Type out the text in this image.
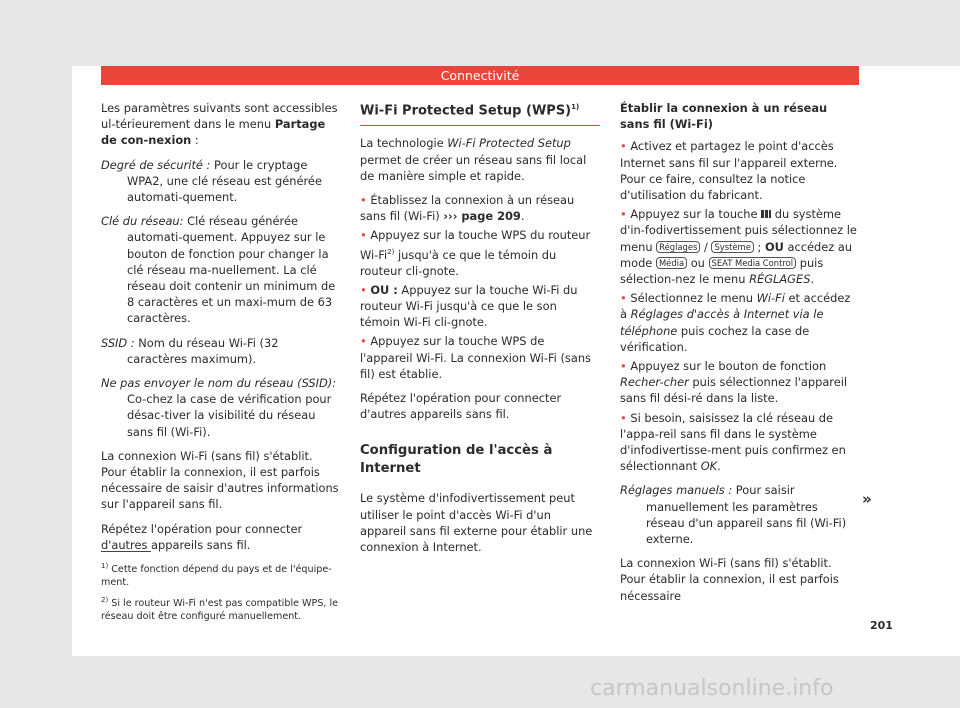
Connectivité

Les paramètres suivants sont accessibles ul-térieurement dans le menu Partage de con-nexion :

Degré de sécurité : Pour le cryptage WPA2, une clé réseau est générée automati-quement.

Clé du réseau: Clé réseau générée automati-quement. Appuyez sur le bouton de fonction pour changer la clé réseau ma-nuellement. La clé réseau doit contenir un minimum de 8 caractères et un maxi-mum de 63 caractères.

SSID : Nom du réseau Wi-Fi (32 caractères maximum).

Ne pas envoyer le nom du réseau (SSID): Co-chez la case de vérification pour désac-tiver la visibilité du réseau sans fil (Wi-Fi).

La connexion Wi-Fi (sans fil) s'établit. Pour établir la connexion, il est parfois nécessaire de saisir d'autres informations sur l'appareil sans fil.

Répétez l'opération pour connecter d'autres appareils sans fil.

$^{1)}$ Cette fonction dépend du pays et de l'équipe-ment.

$^{2)}$ Si le routeur Wi-Fi n'est pas compatible WPS, le réseau doit être configuré manuellement.

Wi-Fi Protected Setup (WPS)$^{1)}$

La technologie Wi-Fi Protected Setup permet de créer un réseau sans fil local de manière simple et rapide.

• Établissez la connexion à un réseau sans fil (Wi-Fi) ››› page 209.

• Appuyez sur la touche WPS du routeur Wi-Fi$^{2)}$ jusqu'à ce que le témoin du routeur cli-gnote.

• OU : Appuyez sur la touche Wi-Fi du routeur Wi-Fi jusqu'à ce que le son témoin Wi-Fi cli-gnote.

• Appuyez sur la touche WPS de l'appareil Wi-Fi. La connexion Wi-Fi (sans fil) est établie.

Répétez l'opération pour connecter d'autres appareils sans fil.

Configuration de l'accès à Internet

Le système d'infodivertissement peut utiliser le point d'accès Wi-Fi d'un appareil sans fil externe pour établir une connexion à Internet.

Établir la connexion à un réseau sans fil (Wi-Fi)

• Activez et partagez le point d'accès Internet sans fil sur l'appareil externe. Pour ce faire, consultez la notice d'utilisation du fabricant.

• Appuyez sur la touche  du système d'in-fodivertissement puis sélectionnez le menu Réglages / Système ; OU accédez au mode Média ou SEAT Media Control puis sélection-nez le menu RÉGLAGES.

• Sélectionnez le menu Wi-Fi et accédez à Réglages d'accès à Internet via le téléphone puis cochez la case de vérification.

• Appuyez sur le bouton de fonction Recher-cher puis sélectionnez l'appareil sans fil dési-ré dans la liste.

• Si besoin, saisissez la clé réseau de l'appa-reil sans fil dans le système d'infodivertisse-ment puis confirmez en sélectionnant OK.

Réglages manuels : Pour saisir manuellement les paramètres réseau d'un appareil sans fil (Wi-Fi) externe.

La connexion Wi-Fi (sans fil) s'établit. Pour établir la connexion, il est parfois nécessaire

»
201
carmanualsonline.info
